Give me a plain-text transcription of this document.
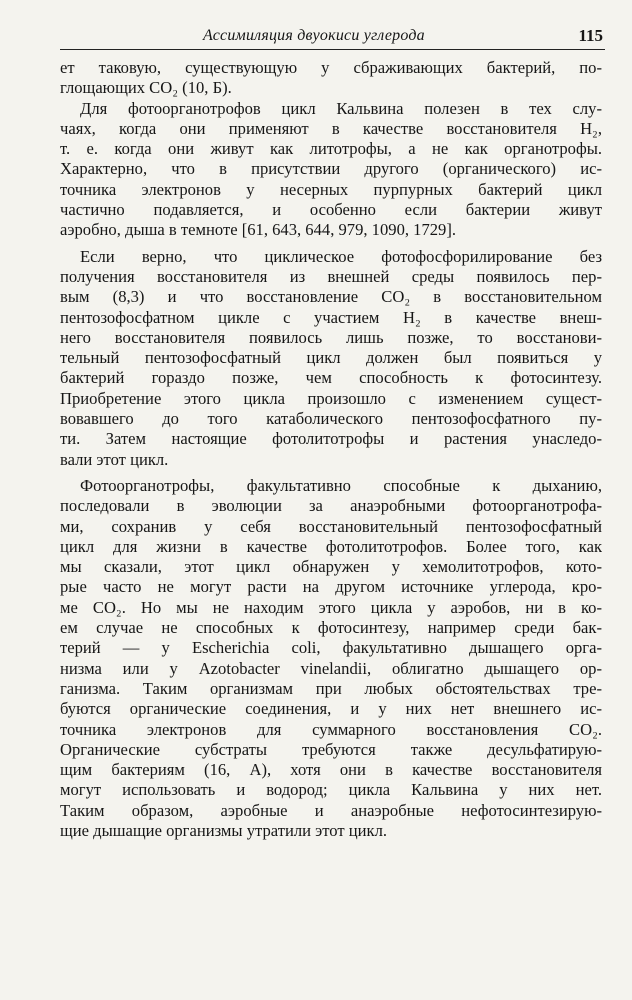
Ассимиляция двуокиси углерода	115
ет таковую, существующую у сбраживающих бактерий, по-
глощающих CO₂ (10, Б).
Для фотоорганотрофов цикл Кальвина полезен в тех слу-
чаях, когда они применяют в качестве восстановителя H₂,
т. е. когда они живут как литотрофы, а не как органотрофы.
Характерно, что в присутствии другого (органического) ис-
точника электронов у несерных пурпурных бактерий цикл
частично подавляется, и особенно если бактерии живут
аэробно, дыша в темноте [61, 643, 644, 979, 1090, 1729].
Если верно, что циклическое фотофосфорилирование без
получения восстановителя из внешней среды появилось пер-
вым (8,3) и что восстановление CO₂ в восстановительном
пентозофосфатном цикле с участием H₂ в качестве внеш-
него восстановителя появилось лишь позже, то восстанови-
тельный пентозофосфатный цикл должен был появиться у
бактерий гораздо позже, чем способность к фотосинтезу.
Приобретение этого цикла произошло с изменением сущест-
вовавшего до того катаболического пентозофосфатного пу-
ти. Затем настоящие фотолитотрофы и растения унаследо-
вали этот цикл.
Фотоорганотрофы, факультативно способные к дыханию,
последовали в эволюции за анаэробными фотоорганотрофа-
ми, сохранив у себя восстановительный пентозофосфатный
цикл для жизни в качестве фотолитотрофов. Более того, как
мы сказали, этот цикл обнаружен у хемолитотрофов, кото-
рые часто не могут расти на другом источнике углерода, кро-
ме CO₂. Но мы не находим этого цикла у аэробов, ни в ко-
ем случае не способных к фотосинтезу, например среди бак-
терий — у Escherichia coli, факультативно дышащего орга-
низма или у Azotobacter vinelandii, облигатно дышащего ор-
ганизма. Таким организмам при любых обстоятельствах тре-
буются органические соединения, и у них нет внешнего ис-
точника электронов для суммарного восстановления CO₂.
Органические субстраты требуются также десульфатирую-
щим бактериям (16, А), хотя они в качестве восстановителя
могут использовать и водород; цикла Кальвина у них нет.
Таким образом, аэробные и анаэробные нефотосинтезирую-
щие дышащие организмы утратили этот цикл.
